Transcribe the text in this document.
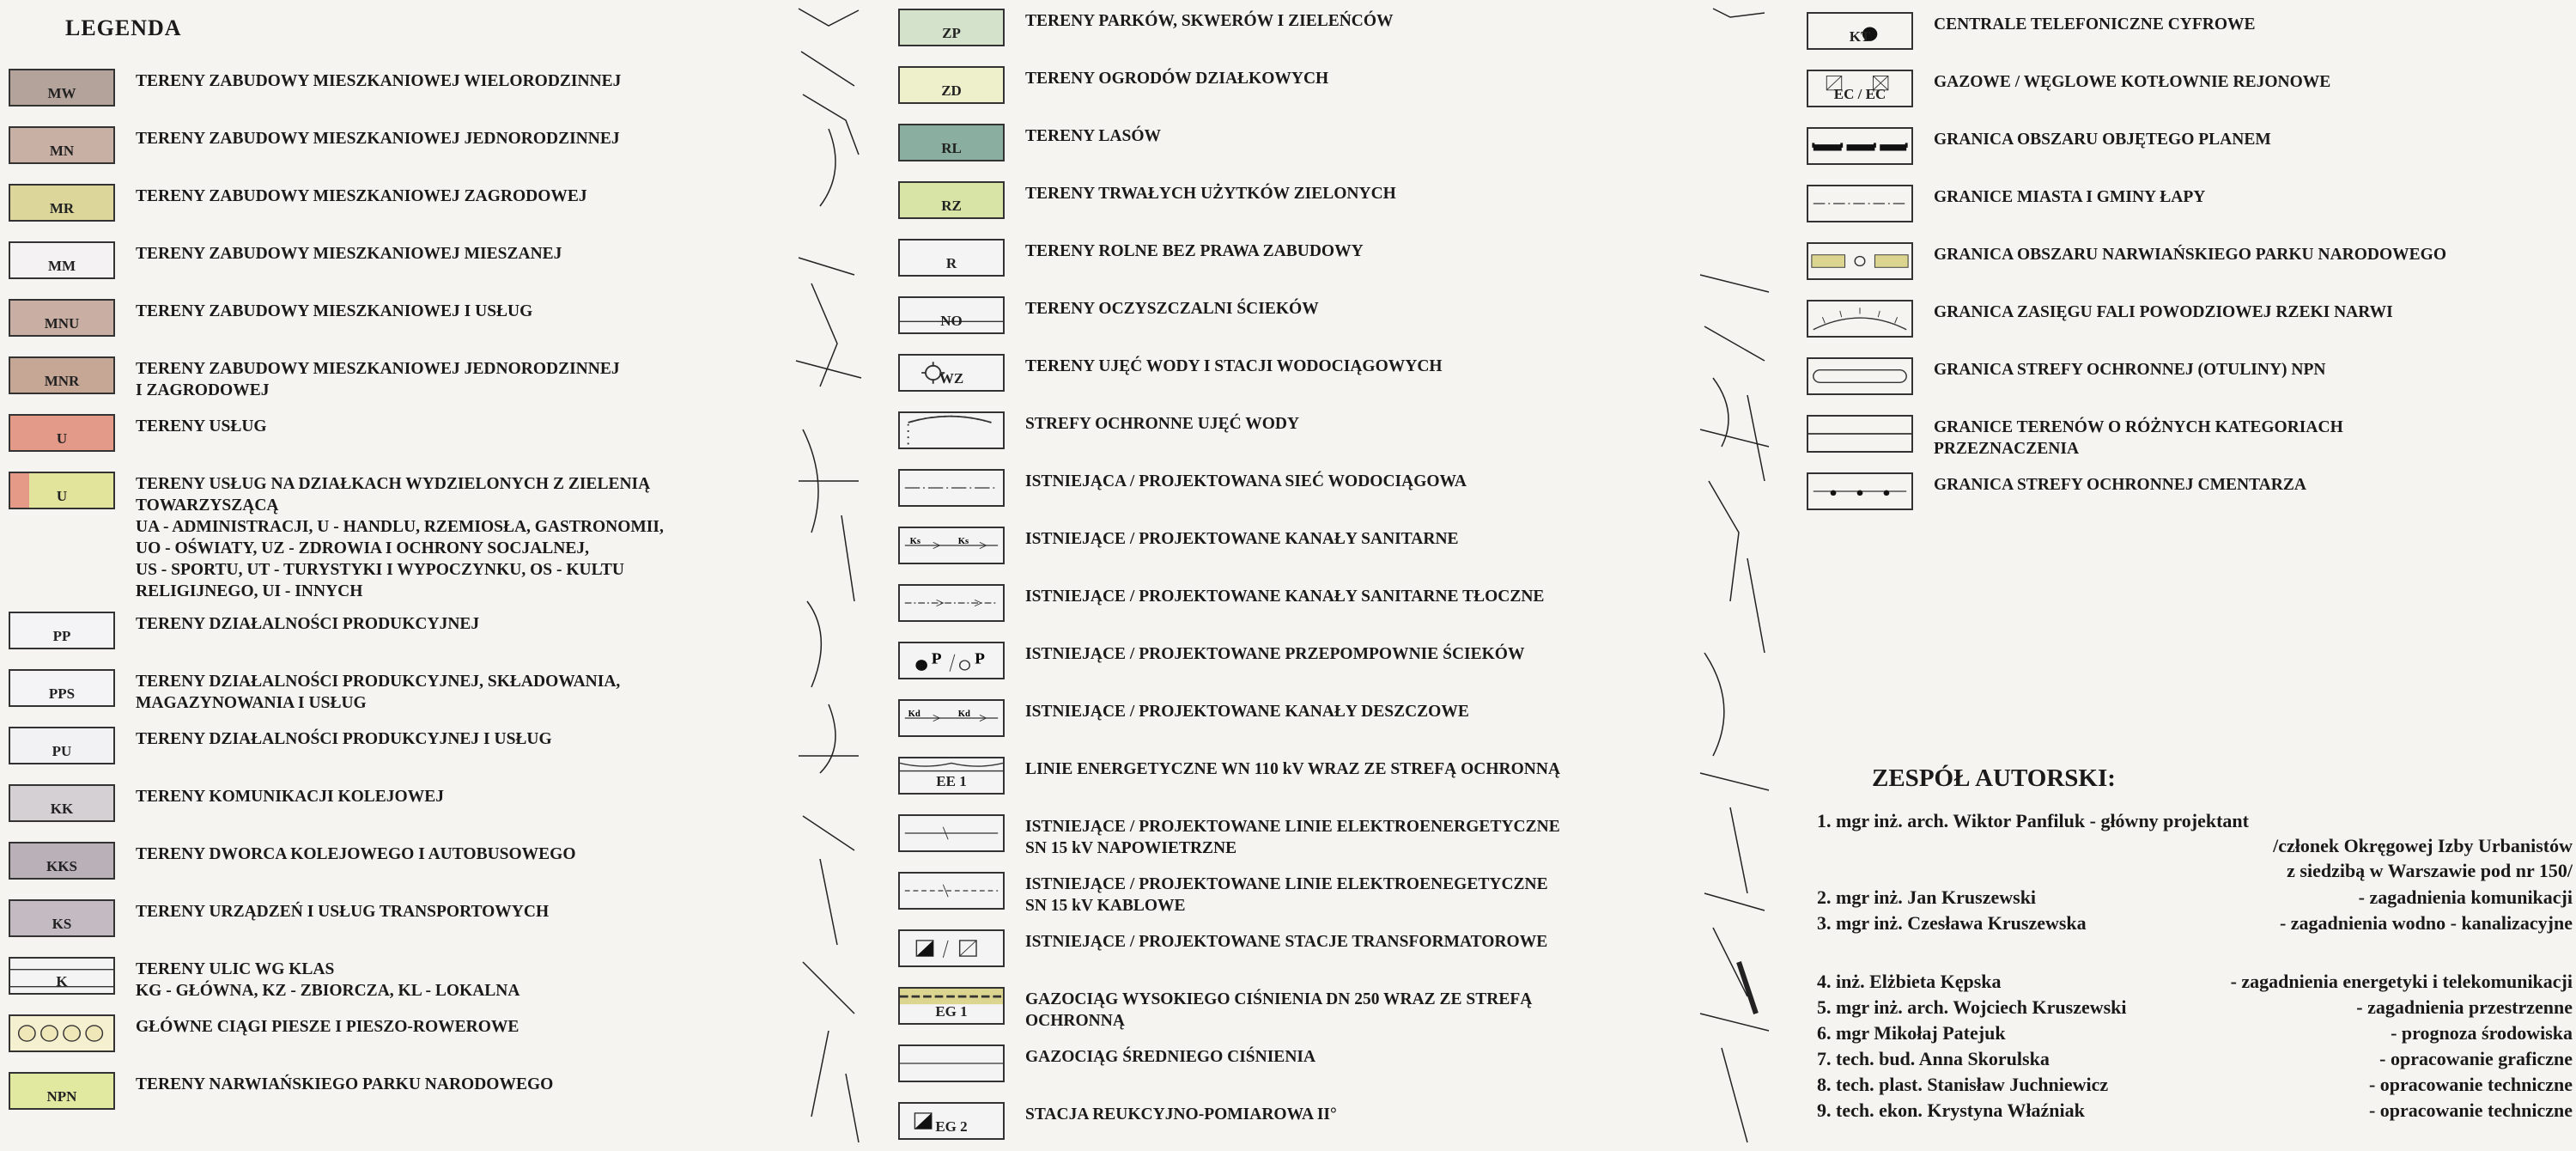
LEGENDA
MW
TERENY ZABUDOWY MIESZKANIOWEJ WIELORODZINNEJ
MN
TERENY ZABUDOWY MIESZKANIOWEJ JEDNORODZINNEJ
MR
TERENY ZABUDOWY MIESZKANIOWEJ ZAGRODOWEJ
MM
TERENY ZABUDOWY MIESZKANIOWEJ MIESZANEJ
MNU
TERENY ZABUDOWY MIESZKANIOWEJ I USŁUG
MNR
TERENY ZABUDOWY MIESZKANIOWEJ JEDNORODZINNEJ
I ZAGRODOWEJ
U
TERENY USŁUG
U
TERENY USŁUG NA DZIAŁKACH WYDZIELONYCH Z ZIELENIĄ
TOWARZYSZĄCĄ
UA - ADMINISTRACJI, U - HANDLU, RZEMIOSŁA, GASTRONOMII,
UO - OŚWIATY, UZ - ZDROWIA I OCHRONY SOCJALNEJ,
US - SPORTU, UT - TURYSTYKI I WYPOCZYNKU, OS - KULTU
RELIGIJNEGO, UI - INNYCH
PP
TERENY DZIAŁALNOŚCI PRODUKCYJNEJ
PPS
TERENY DZIAŁALNOŚCI PRODUKCYJNEJ, SKŁADOWANIA,
MAGAZYNOWANIA I USŁUG
PU
TERENY DZIAŁALNOŚCI PRODUKCYJNEJ I USŁUG
KK
TERENY KOMUNIKACJI KOLEJOWEJ
KKS
TERENY DWORCA KOLEJOWEGO I AUTOBUSOWEGO
KS
TERENY URZĄDZEŃ I USŁUG TRANSPORTOWYCH
K
TERENY ULIC WG KLAS
KG - GŁÓWNA, KZ - ZBIORCZA, KL - LOKALNA
GŁÓWNE CIĄGI PIESZE I PIESZO-ROWEROWE
NPN
TERENY NARWIAŃSKIEGO PARKU NARODOWEGO
ZP
TERENY PARKÓW, SKWERÓW I ZIELEŃCÓW
ZD
TERENY OGRODÓW DZIAŁKOWYCH
RL
TERENY LASÓW
RZ
TERENY TRWAŁYCH UŻYTKÓW ZIELONYCH
R
TERENY ROLNE BEZ PRAWA ZABUDOWY
NO
TERENY OCZYSZCZALNI ŚCIEKÓW
WZ
TERENY UJĘĆ WODY I STACJI WODOCIĄGOWYCH
STREFY OCHRONNE UJĘĆ WODY
ISTNIEJĄCA / PROJEKTOWANA SIEĆ WODOCIĄGOWA
Ks	Ks	ISTNIEJĄCE / PROJEKTOWANE KANAŁY SANITARNE
ISTNIEJĄCE / PROJEKTOWANE KANAŁY SANITARNE TŁOCZNE
P P ISTNIEJĄCE / PROJEKTOWANE PRZEPOMPOWNIE ŚCIEKÓW
Kd	Kd	ISTNIEJĄCE / PROJEKTOWANE KANAŁY DESZCZOWE
EE 1
LINIE ENERGETYCZNE WN 110 kV WRAZ ZE STREFĄ OCHRONNĄ
ISTNIEJĄCE / PROJEKTOWANE LINIE ELEKTROENERGETYCZNE
SN 15 kV NAPOWIETRZNE
ISTNIEJĄCE / PROJEKTOWANE LINIE ELEKTROENEGETYCZNE
SN 15 kV KABLOWE
ISTNIEJĄCE / PROJEKTOWANE STACJE TRANSFORMATOROWE
EG 1
GAZOCIĄG WYSOKIEGO CIŚNIENIA DN 250 WRAZ ZE STREFĄ
OCHRONNĄ
GAZOCIĄG ŚREDNIEGO CIŚNIENIA
EG 2
STACJA REUKCYJNO-POMIAROWA II°
KT
CENTRALE TELEFONICZNE CYFROWE
EC / EC
GAZOWE / WĘGLOWE KOTŁOWNIE REJONOWE
GRANICA OBSZARU OBJĘTEGO PLANEM
GRANICE MIASTA I GMINY ŁAPY
GRANICA OBSZARU NARWIAŃSKIEGO PARKU NARODOWEGO
GRANICA ZASIĘGU FALI POWODZIOWEJ RZEKI NARWI
GRANICA STREFY OCHRONNEJ (OTULINY) NPN
GRANICE TERENÓW O RÓŻNYCH KATEGORIACH
PRZEZNACZENIA
GRANICA STREFY OCHRONNEJ CMENTARZA
ZESPÓŁ AUTORSKI:
1. mgr inż. arch. Wiktor Panfiluk - główny projektant
/członek Okręgowej Izby Urbanistów
z siedzibą w Warszawie pod nr 150/
2. mgr inż. Jan Kruszewski	- zagadnienia komunikacji
3. mgr inż. Czesława Kruszewska	- zagadnienia wodno - kanalizacyjne
4. inż. Elżbieta Kępska	- zagadnienia energetyki i telekomunikacji
5. mgr inż. arch. Wojciech Kruszewski	- zagadnienia przestrzenne
6. mgr Mikołaj Patejuk	- prognoza środowiska
7. tech. bud. Anna Skorulska	- opracowanie graficzne
8. tech. plast. Stanisław Juchniewicz	- opracowanie techniczne
9. tech. ekon. Krystyna Właźniak	- opracowanie techniczne
